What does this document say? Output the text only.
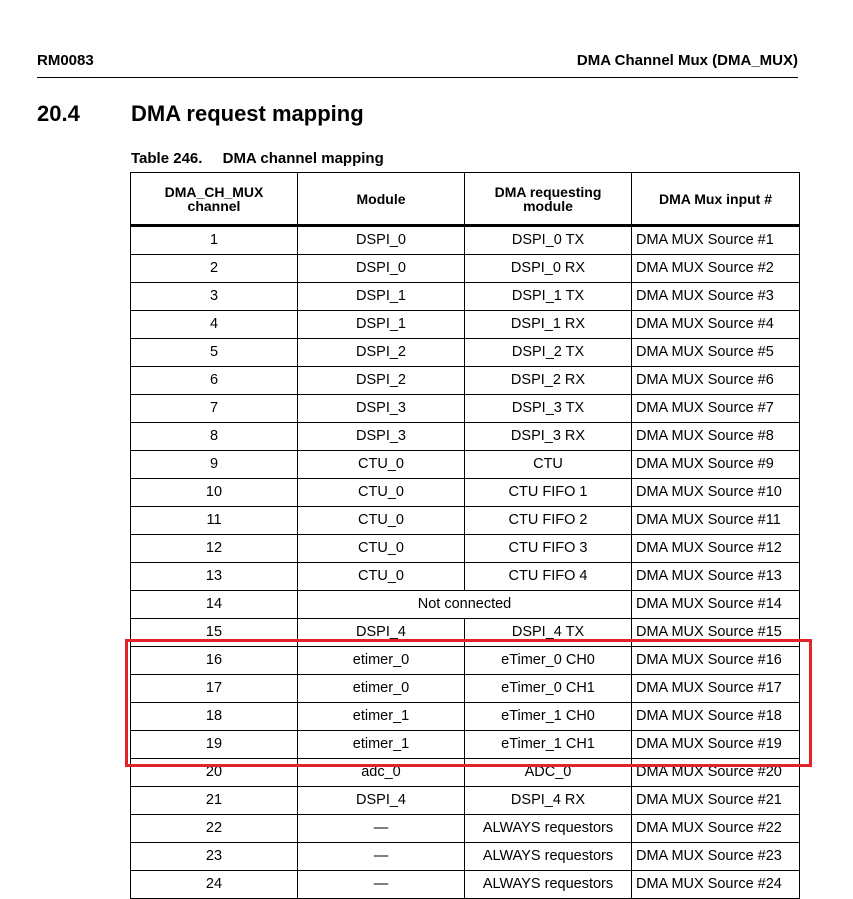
RM0083	DMA Channel Mux (DMA_MUX)
20.4 DMA request mapping
Table 246. DMA channel mapping
DMA_CH_MUX channel	Module	DMA requesting module	DMA Mux input #
1	DSPI_0	DSPI_0 TX	DMA MUX Source #1
2	DSPI_0	DSPI_0 RX	DMA MUX Source #2
3	DSPI_1	DSPI_1 TX	DMA MUX Source #3
4	DSPI_1	DSPI_1 RX	DMA MUX Source #4
5	DSPI_2	DSPI_2 TX	DMA MUX Source #5
6	DSPI_2	DSPI_2 RX	DMA MUX Source #6
7	DSPI_3	DSPI_3 TX	DMA MUX Source #7
8	DSPI_3	DSPI_3 RX	DMA MUX Source #8
9	CTU_0	CTU	DMA MUX Source #9
10	CTU_0	CTU FIFO 1	DMA MUX Source #10
11	CTU_0	CTU FIFO 2	DMA MUX Source #11
12	CTU_0	CTU FIFO 3	DMA MUX Source #12
13	CTU_0	CTU FIFO 4	DMA MUX Source #13
14	Not connected		DMA MUX Source #14
15	DSPI_4	DSPI_4 TX	DMA MUX Source #15
16	etimer_0	eTimer_0 CH0	DMA MUX Source #16
17	etimer_0	eTimer_0 CH1	DMA MUX Source #17
18	etimer_1	eTimer_1 CH0	DMA MUX Source #18
19	etimer_1	eTimer_1 CH1	DMA MUX Source #19
20	adc_0	ADC_0	DMA MUX Source #20
21	DSPI_4	DSPI_4 RX	DMA MUX Source #21
22	—	ALWAYS requestors	DMA MUX Source #22
23	—	ALWAYS requestors	DMA MUX Source #23
24	—	ALWAYS requestors	DMA MUX Source #24
